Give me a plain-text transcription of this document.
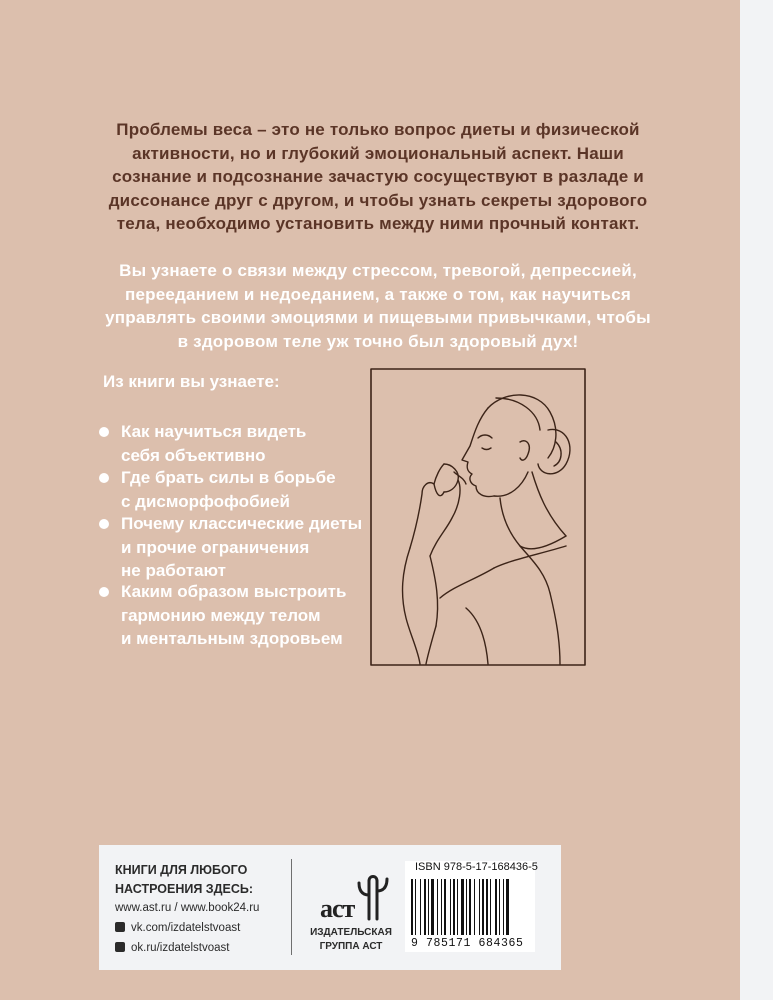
Проблемы веса – это не только вопрос диеты и физической активности, но и глубокий эмоциональный аспект. Наши сознание и подсознание зачастую сосуществуют в разладе и диссонансе друг с другом, и чтобы узнать секреты здорового тела, необходимо установить между ними прочный контакт.
Вы узнаете о связи между стрессом, тревогой, депрессией, перееданием и недоеданием, а также о том, как научиться управлять своими эмоциями и пищевыми привычками, чтобы в здоровом теле уж точно был здоровый дух!
Из книги вы узнаете:
Как научиться видеть
себя объективно
Где брать силы в борьбе
с дисморфофобией
Почему классические диеты
и прочие ограничения
не работают
Каким образом выстроить
гармонию между телом
и ментальным здоровьем
КНИГИ ДЛЯ ЛЮБОГО НАСТРОЕНИЯ ЗДЕСЬ:
www.ast.ru / www.book24.ru
vk.com/izdatelstvoast
ok.ru/izdatelstvoast
аст
ИЗДАТЕЛЬСКАЯ
ГРУППА АСТ
ISBN 978-5-17-168436-5
9 785171 684365
